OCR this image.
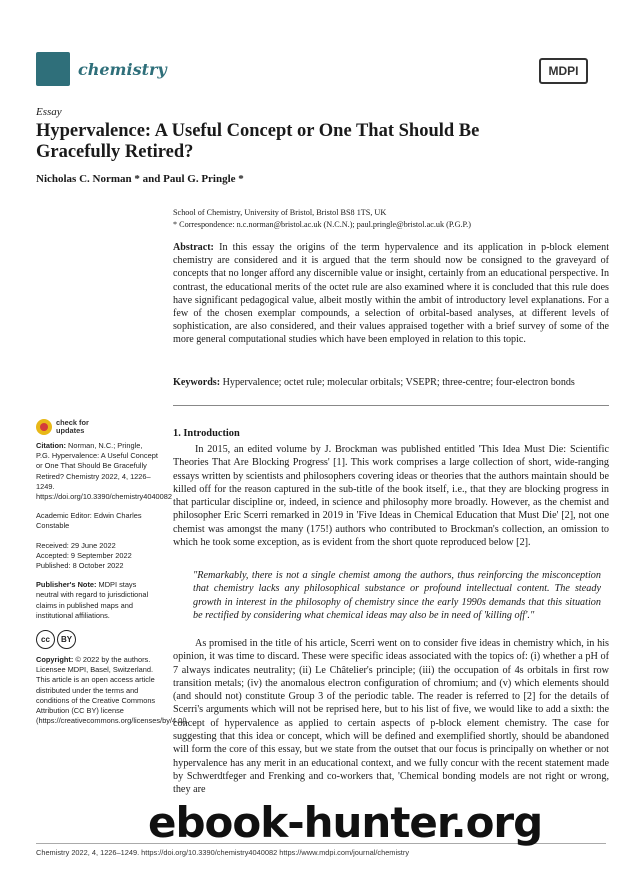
chemistry	MDPI
Essay
Hypervalence: A Useful Concept or One That Should Be Gracefully Retired?
Nicholas C. Norman * and Paul G. Pringle *
School of Chemistry, University of Bristol, Bristol BS8 1TS, UK
* Correspondence: n.c.norman@bristol.ac.uk (N.C.N.); paul.pringle@bristol.ac.uk (P.G.P.)
Abstract: In this essay the origins of the term hypervalence and its application in p-block element chemistry are considered and it is argued that the term should now be consigned to the graveyard of concepts that no longer afford any discernible value or insight, certainly from an educational perspective. In contrast, the educational merits of the octet rule are also examined where it is concluded that this rule does have significant pedagogical value, albeit mostly within the ambit of introductory level explanations. For a few of the chosen exemplar compounds, a selection of orbital-based analyses, at different levels of sophistication, are also considered, and their values appraised together with a brief survey of some of the more general computational studies which have been employed in relation to this topic.
Keywords: Hypervalence; octet rule; molecular orbitals; VSEPR; three-centre; four-electron bonds
1. Introduction
In 2015, an edited volume by J. Brockman was published entitled 'This Idea Must Die: Scientific Theories That Are Blocking Progress' [1]. This work comprises a large collection of short, wide-ranging essays written by scientists and philosophers covering ideas or theories that the authors maintain should be killed off for the reason captured in the sub-title of the book itself, i.e., that they are blocking progress in that particular discipline or, indeed, in science and philosophy more broadly. However, as the chemist and philosopher Eric Scerri remarked in 2019 in 'Five Ideas in Chemical Education that Must Die' [2], not one chemist was amongst the many (175!) authors who contributed to Brockman's collection, an omission to which he took some exception, as is evident from the short quote reproduced below [2].
"Remarkably, there is not a single chemist among the authors, thus reinforcing the misconception that chemistry lacks any philosophical substance or profound intellectual content. The steady growth in interest in the philosophy of chemistry since the early 1990s demands that this situation be rectified by considering what chemical ideas may also be in need of 'killing off'."
As promised in the title of his article, Scerri went on to consider five ideas in chemistry which, in his opinion, it was time to discard. These were specific ideas associated with the topics of: (i) whether a pH of 7 always indicates neutrality; (ii) Le Châtelier's principle; (iii) the occupation of 4s orbitals in first row transition metals; (iv) the anomalous electron configuration of chromium; and (v) which elements should (and should not) constitute Group 3 of the periodic table. The reader is referred to [2] for the details of Scerri's arguments which will not be reprised here, but to his list of five, we would like to add a sixth: the concept of hypervalence as applied to certain aspects of p-block element chemistry. The case for suggesting that this idea or concept, which will be defined and exemplified shortly, should be abandoned will form the core of this essay, but we state from the outset that our focus is principally on whether or not hypervalence has any merit in an educational context, and we fully concur with the recent statement made by Schwerdtfeger and Frenking and co-workers that, 'Chemical bonding models are not right or wrong, they are
check for
updates
Citation: Norman, N.C.; Pringle, P.G. Hypervalence: A Useful Concept or One That Should Be Gracefully Retired? Chemistry 2022, 4, 1226–1249. https://doi.org/10.3390/chemistry4040082
Academic Editor: Edwin Charles Constable
Received: 29 June 2022
Accepted: 9 September 2022
Published: 8 October 2022
Publisher's Note: MDPI stays neutral with regard to jurisdictional claims in published maps and institutional affiliations.
cc	BY
Copyright: © 2022 by the authors. Licensee MDPI, Basel, Switzerland. This article is an open access article distributed under the terms and conditions of the Creative Commons Attribution (CC BY) license (https://creativecommons.org/licenses/by/4.0/).
Chemistry 2022, 4, 1226–1249. https://doi.org/10.3390/chemistry4040082 https://www.mdpi.com/journal/chemistry
ebook-hunter.org
